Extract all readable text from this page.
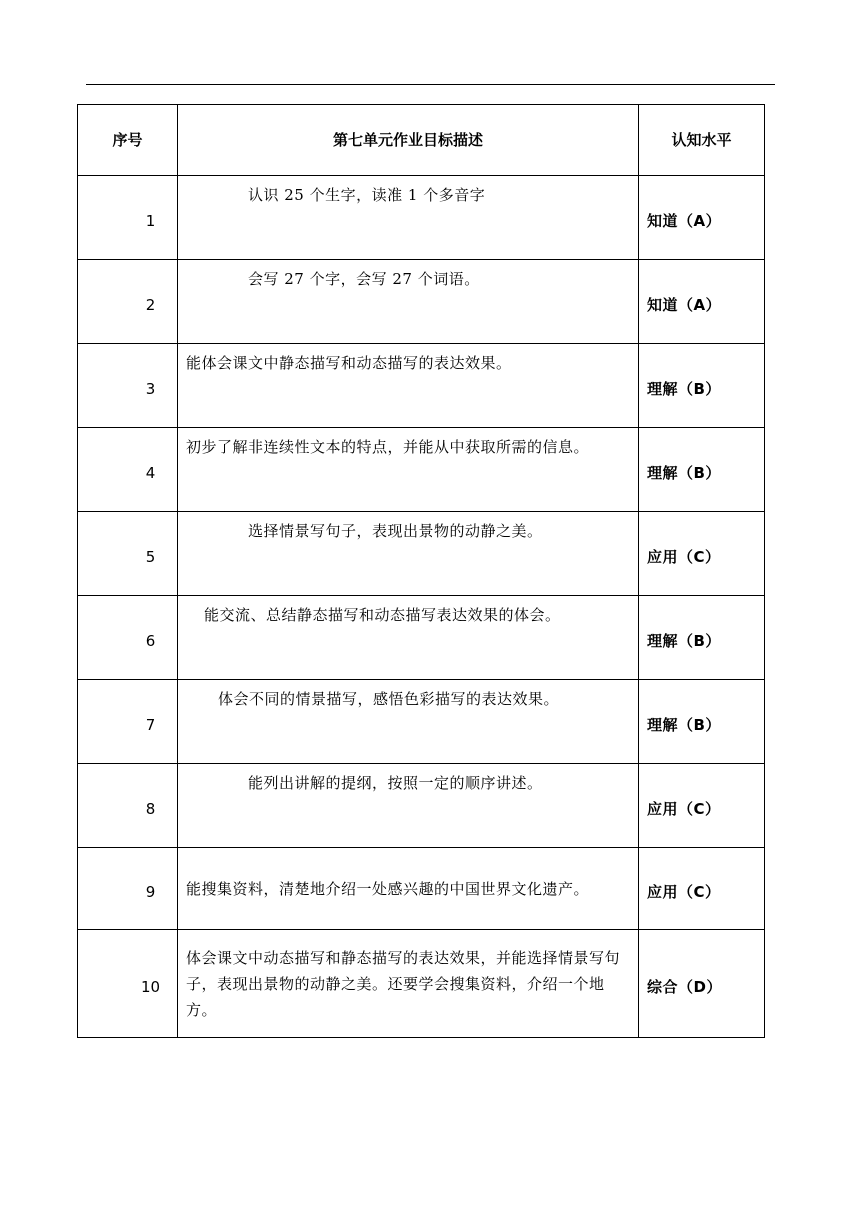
序号	第七单元作业目标描述	认知水平
1	认识 25 个生字，读准 1 个多音字	知道（A）
2	会写 27 个字，会写 27 个词语。	知道（A）
3	能体会课文中静态描写和动态描写的表达效果。	理解（B）
4	初步了解非连续性文本的特点，并能从中获取所需的信息。	理解（B）
5	选择情景写句子，表现出景物的动静之美。	应用（C）
6	能交流、总结静态描写和动态描写表达效果的体会。	理解（B）
7	体会不同的情景描写，感悟色彩描写的表达效果。	理解（B）
8	能列出讲解的提纲，按照一定的顺序讲述。	应用（C）
9	能搜集资料，清楚地介绍一处感兴趣的中国世界文化遗产。	应用（C）
10	体会课文中动态描写和静态描写的表达效果，并能选择情景写句子，表现出景物的动静之美。还要学会搜集资料，介绍一个地方。	综合（D）
